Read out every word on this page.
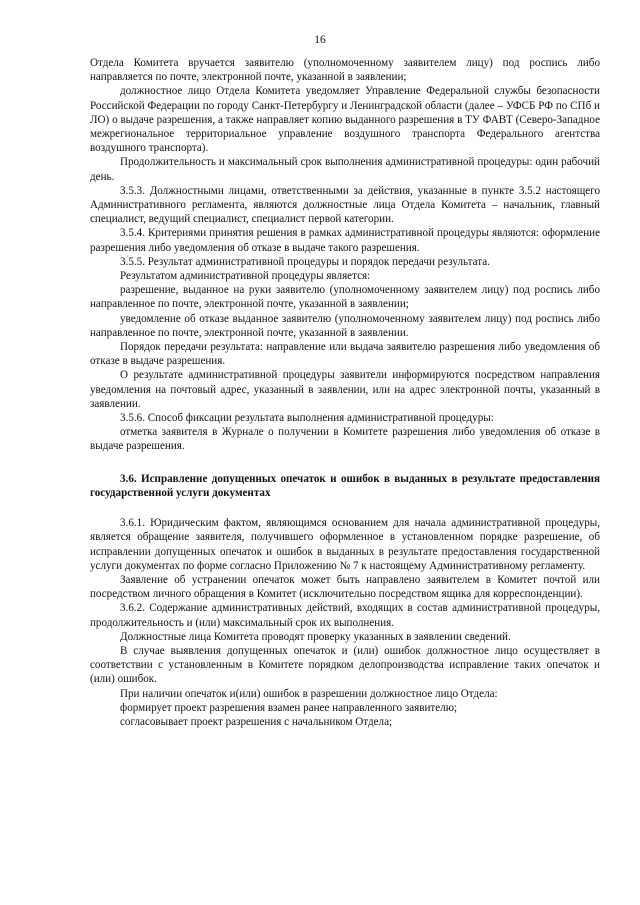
16

Отдела Комитета вручается заявителю (уполномоченному заявителем лицу) под роспись либо направляется по почте, электронной почте, указанной в заявлении;

должностное лицо Отдела Комитета уведомляет Управление Федеральной службы безопасности Российской Федерации по городу Санкт-Петербургу и Ленинградской области (далее – УФСБ РФ по СПб и ЛО) о выдаче разрешения, а также направляет копию выданного разрешения в ТУ ФАВТ (Северо-Западное межрегиональное территориальное управление воздушного транспорта Федерального агентства воздушного транспорта).

Продолжительность и максимальный срок выполнения административной процедуры: один рабочий день.

3.5.3. Должностными лицами, ответственными за действия, указанные в пункте 3.5.2 настоящего Административного регламента, являются должностные лица Отдела Комитета – начальник, главный специалист, ведущий специалист, специалист первой категории.

3.5.4. Критериями принятия решения в рамках административной процедуры являются: оформление разрешения либо уведомления об отказе в выдаче такого разрешения.

3.5.5. Результат административной процедуры и порядок передачи результата.

Результатом административной процедуры является:

разрешение, выданное на руки заявителю (уполномоченному заявителем лицу) под роспись либо направленное по почте, электронной почте, указанной в заявлении;

уведомление об отказе выданное заявителю (уполномоченному заявителем лицу) под роспись либо направленное по почте, электронной почте, указанной в заявлении.

Порядок передачи результата: направление или выдача заявителю разрешения либо уведомления об отказе в выдаче разрешения.

О результате административной процедуры заявители информируются посредством направления уведомления на почтовый адрес, указанный в заявлении, или на адрес электронной почты, указанный в заявлении.

3.5.6. Способ фиксации результата выполнения административной процедуры:

отметка заявителя в Журнале о получении в Комитете разрешения либо уведомления об отказе в выдаче разрешения.

3.6. Исправление допущенных опечаток и ошибок в выданных в результате предоставления государственной услуги документах

3.6.1. Юридическим фактом, являющимся основанием для начала административной процедуры, является обращение заявителя, получившего оформленное в установленном порядке разрешение, об исправлении допущенных опечаток и ошибок в выданных в результате предоставления государственной услуги документах по форме согласно Приложению № 7 к настоящему Административному регламенту.

Заявление об устранении опечаток может быть направлено заявителем в Комитет почтой или посредством личного обращения в Комитет (исключительно посредством ящика для корреспонденции).

3.6.2. Содержание административных действий, входящих в состав административной процедуры, продолжительность и (или) максимальный срок их выполнения.

Должностные лица Комитета проводят проверку указанных в заявлении сведений.

В случае выявления допущенных опечаток и (или) ошибок должностное лицо осуществляет в соответствии с установленным в Комитете порядком делопроизводства исправление таких опечаток и (или) ошибок.

При наличии опечаток и(или) ошибок в разрешении должностное лицо Отдела:

формирует проект разрешения взамен ранее направленного заявителю;

согласовывает проект разрешения с начальником Отдела;
